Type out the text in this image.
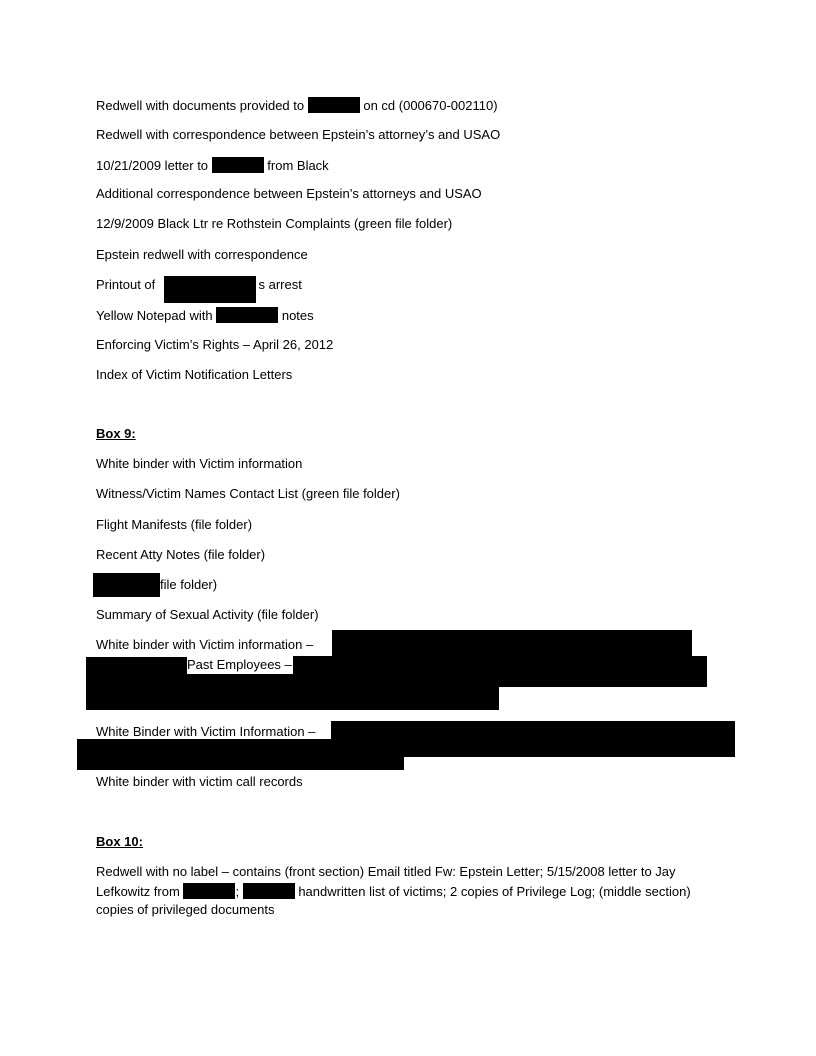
Redwell with documents provided to	on cd (000670-002110)
Redwell with correspondence between Epstein’s attorney’s and USAO
10/21/2009 letter to	from Black
Additional correspondence between Epstein’s attorneys and USAO
12/9/2009 Black Ltr re Rothstein Complaints (green file folder)
Epstein redwell with correspondence
Printout of	s arrest
Yellow Notepad with	notes
Enforcing Victim’s Rights – April 26, 2012
Index of Victim Notification Letters
Box 9:
White binder with Victim information
Witness/Victim Names Contact List (green file folder)
Flight Manifests (file folder)
Recent Atty Notes (file folder)
file folder)
Summary of Sexual Activity (file folder)
White binder with Victim information –
Past Employees –
White Binder with Victim Information –
White binder with victim call records
Box 10:
Redwell with no label – contains (front section) Email titled Fw: Epstein Letter; 5/15/2008 letter to Jay
Lefkowitz from	;	handwritten list of victims; 2 copies of Privilege Log; (middle section)
copies of privileged documents
